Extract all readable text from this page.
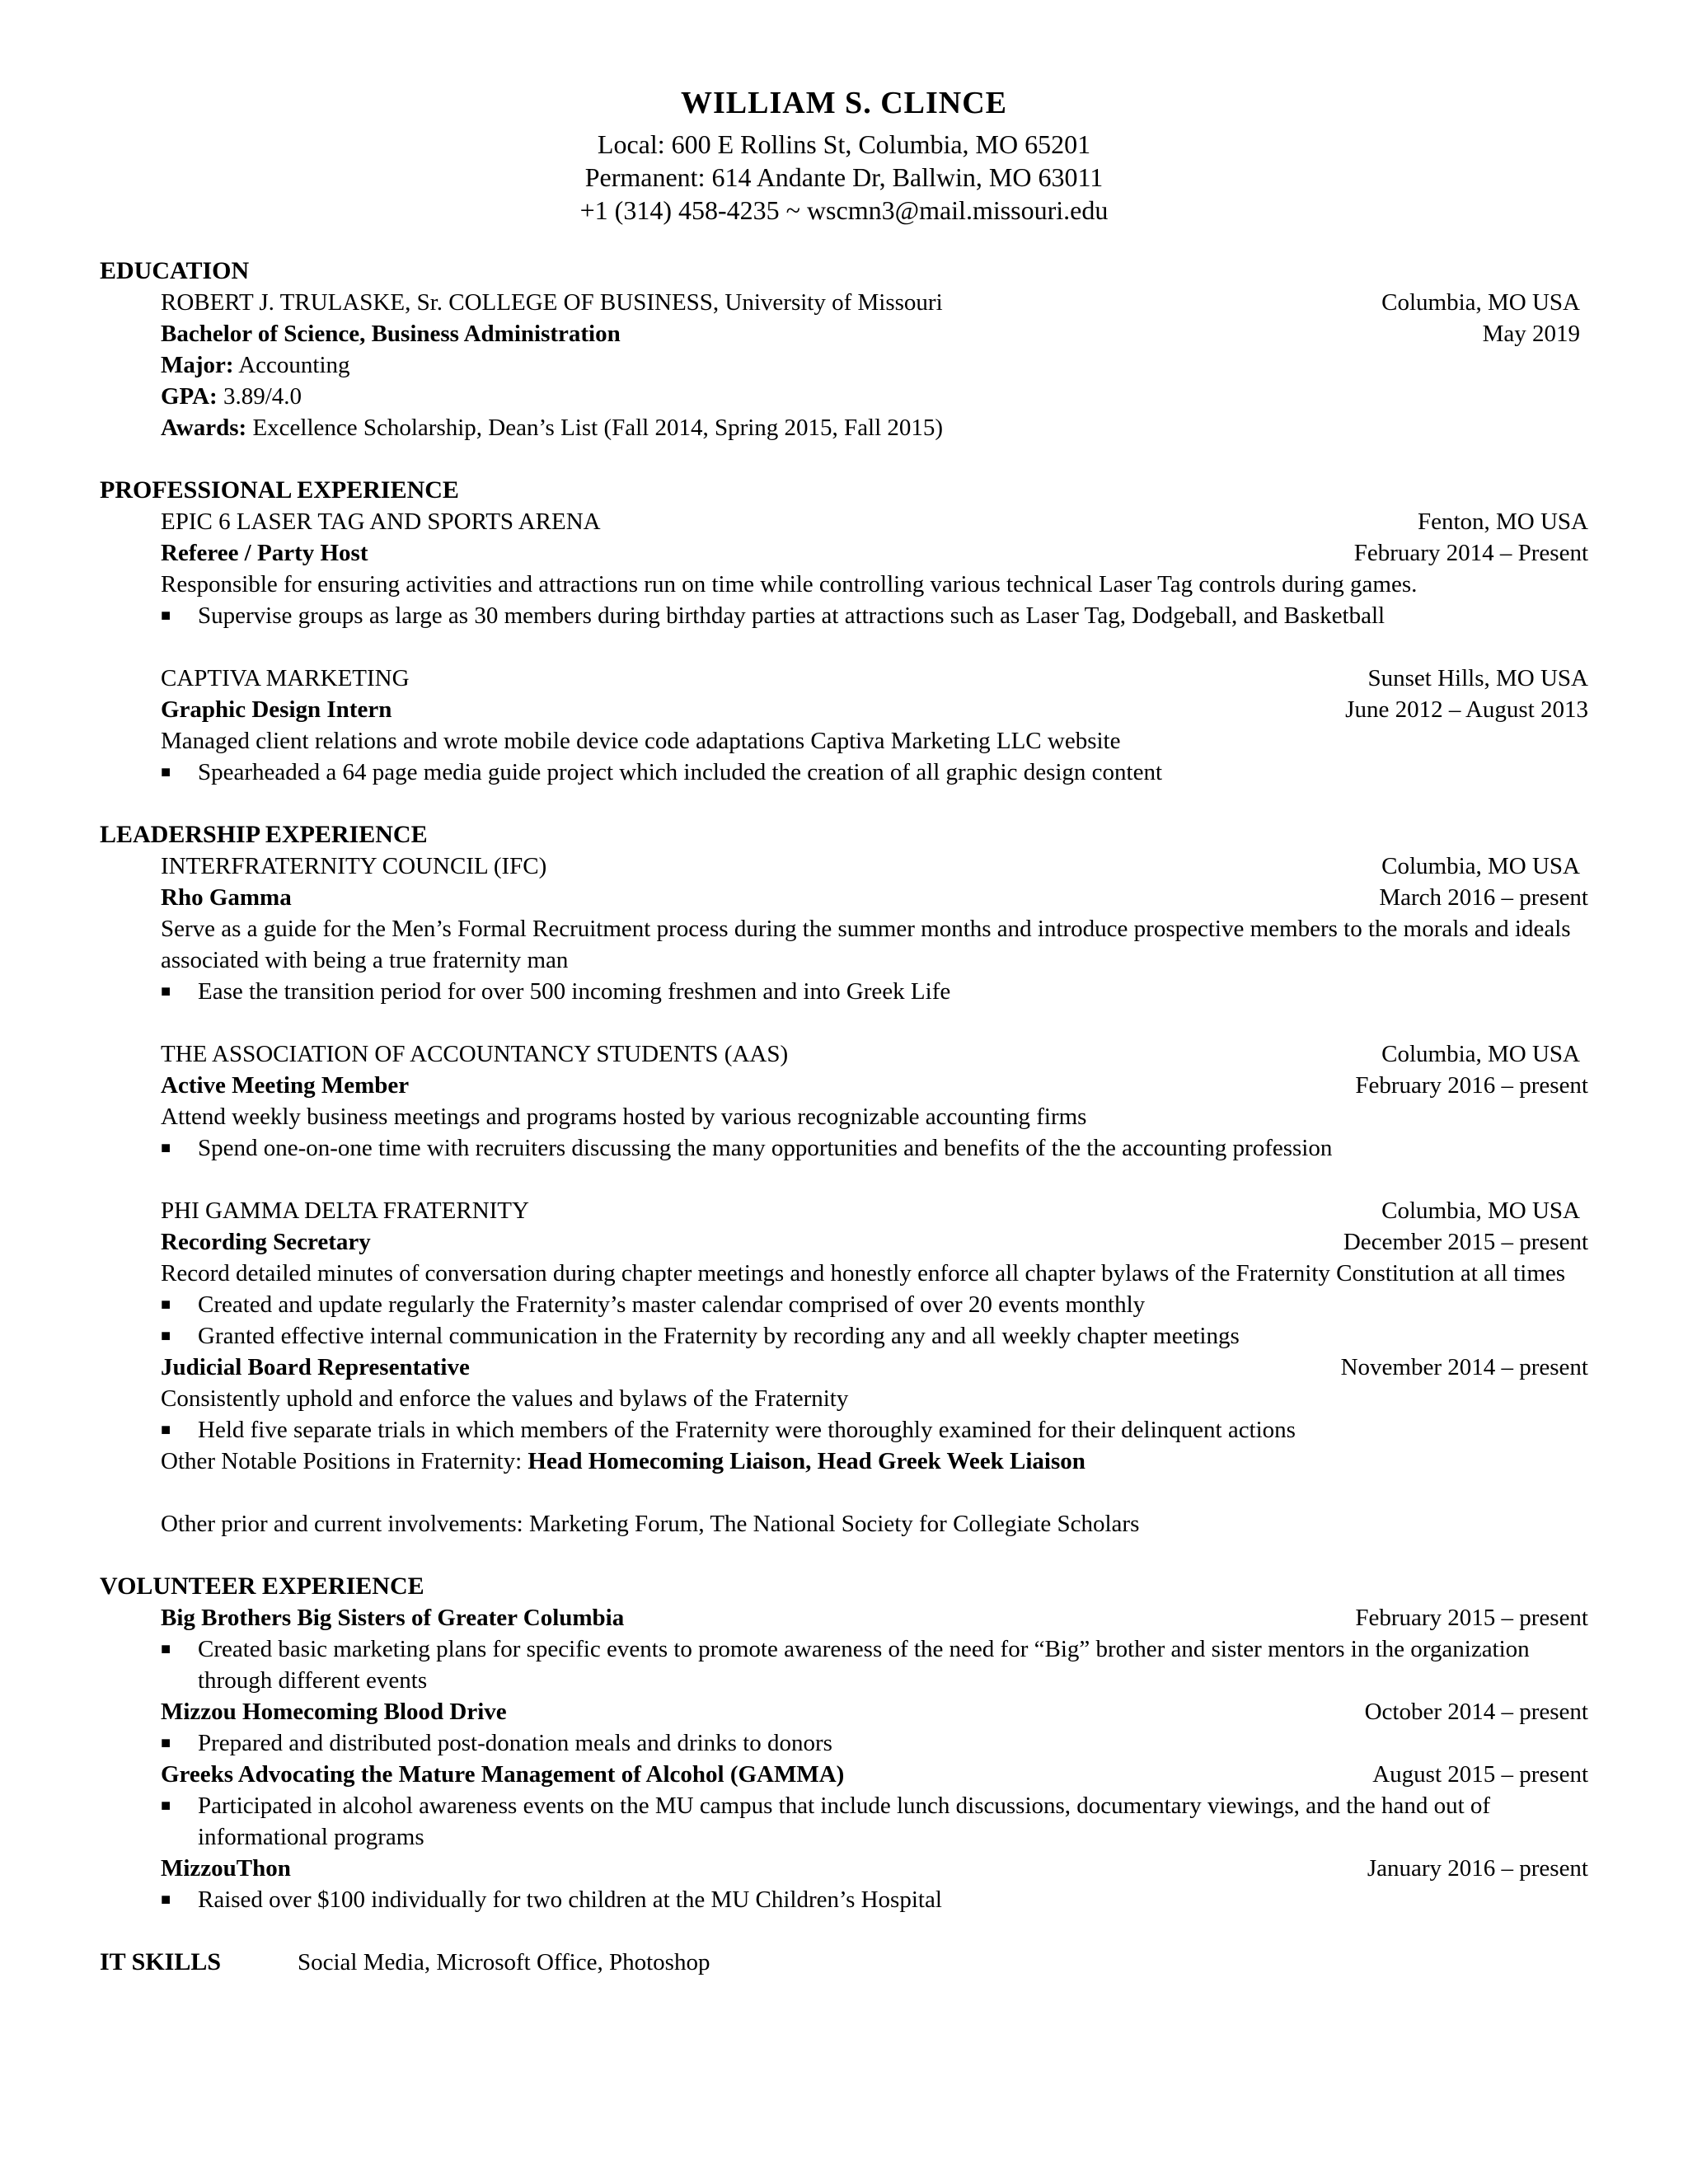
WILLIAM S. CLINCE
Local: 600 E Rollins St, Columbia, MO 65201
Permanent: 614 Andante Dr, Ballwin, MO 63011
+1 (314) 458-4235 ~ wscmn3@mail.missouri.edu
EDUCATION
ROBERT J. TRULASKE, Sr. COLLEGE OF BUSINESS, University of Missouri	Columbia, MO USA
Bachelor of Science, Business Administration	May 2019
Major: Accounting
GPA: 3.89/4.0
Awards: Excellence Scholarship, Dean’s List (Fall 2014, Spring 2015, Fall 2015)
PROFESSIONAL EXPERIENCE
EPIC 6 LASER TAG AND SPORTS ARENA	Fenton, MO USA
Referee / Party Host	February 2014 – Present
Responsible for ensuring activities and attractions run on time while controlling various technical Laser Tag controls during games.
■	Supervise groups as large as 30 members during birthday parties at attractions such as Laser Tag, Dodgeball, and Basketball
CAPTIVA MARKETING	Sunset Hills, MO USA
Graphic Design Intern	June 2012 – August 2013
Managed client relations and wrote mobile device code adaptations Captiva Marketing LLC website
■	Spearheaded a 64 page media guide project which included the creation of all graphic design content
LEADERSHIP EXPERIENCE
INTERFRATERNITY COUNCIL (IFC)	Columbia, MO USA
Rho Gamma	March 2016 – present
Serve as a guide for the Men’s Formal Recruitment process during the summer months and introduce prospective members to the morals and ideals associated with being a true fraternity man
■	Ease the transition period for over 500 incoming freshmen and into Greek Life
THE ASSOCIATION OF ACCOUNTANCY STUDENTS (AAS)	Columbia, MO USA
Active Meeting Member	February 2016 – present
Attend weekly business meetings and programs hosted by various recognizable accounting firms
■	Spend one-on-one time with recruiters discussing the many opportunities and benefits of the the accounting profession
PHI GAMMA DELTA FRATERNITY	Columbia, MO USA
Recording Secretary	December 2015 – present
Record detailed minutes of conversation during chapter meetings and honestly enforce all chapter bylaws of the Fraternity Constitution at all times
■	Created and update regularly the Fraternity’s master calendar comprised of over 20 events monthly
■	Granted effective internal communication in the Fraternity by recording any and all weekly chapter meetings
Judicial Board Representative	November 2014 – present
Consistently uphold and enforce the values and bylaws of the Fraternity
■	Held five separate trials in which members of the Fraternity were thoroughly examined for their delinquent actions
Other Notable Positions in Fraternity: Head Homecoming Liaison, Head Greek Week Liaison
Other prior and current involvements: Marketing Forum, The National Society for Collegiate Scholars
VOLUNTEER EXPERIENCE
Big Brothers Big Sisters of Greater Columbia	February 2015 – present
■	Created basic marketing plans for specific events to promote awareness of the need for “Big” brother and sister mentors in the organization through different events
Mizzou Homecoming Blood Drive	October 2014 – present
■	Prepared and distributed post-donation meals and drinks to donors
Greeks Advocating the Mature Management of Alcohol (GAMMA)	August 2015 – present
■	Participated in alcohol awareness events on the MU campus that include lunch discussions, documentary viewings, and the hand out of informational programs
MizzouThon	January 2016 – present
■	Raised over $100 individually for two children at the MU Children’s Hospital
IT SKILLS	Social Media, Microsoft Office, Photoshop
